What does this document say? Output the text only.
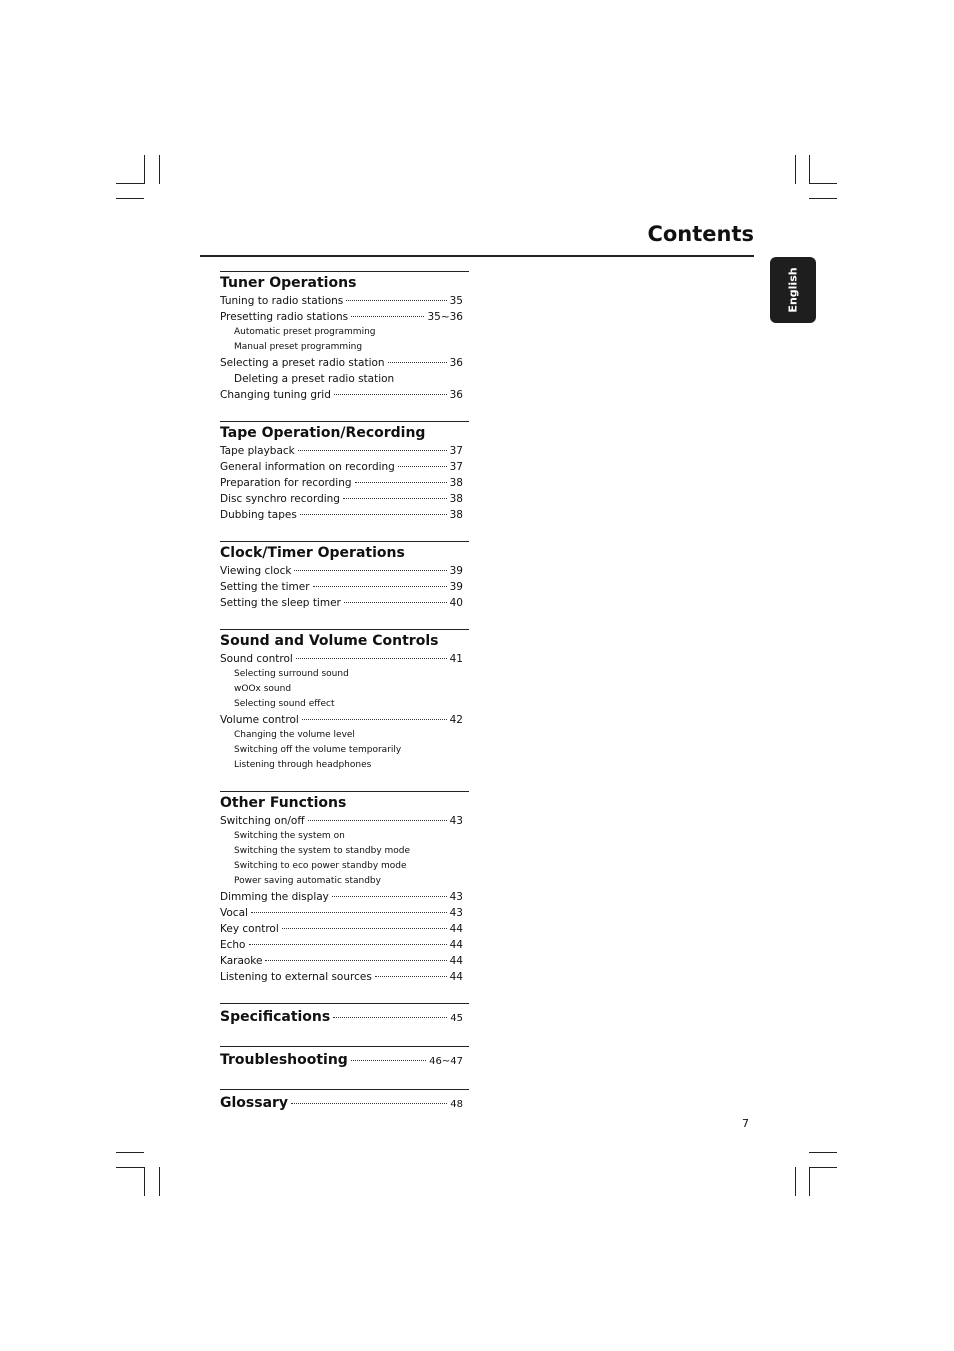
Contents
English
Tuner Operations
Tuning to radio stations	35
Presetting radio stations	35~36
Automatic preset programming
Manual preset programming
Selecting a preset radio station	36
Deleting a preset radio station
Changing tuning grid	36
Tape Operation/Recording
Tape playback	37
General information on recording	37
Preparation for recording	38
Disc synchro recording	38
Dubbing tapes	38
Clock/Timer Operations
Viewing clock	39
Setting the timer	39
Setting the sleep timer	40
Sound and Volume Controls
Sound control	41
Selecting surround sound
wOOx sound
Selecting sound effect
Volume control	42
Changing the volume level
Switching off the volume temporarily
Listening through headphones
Other Functions
Switching on/off	43
Switching the system on
Switching the system to standby mode
Switching to eco power standby mode
Power saving automatic standby
Dimming the display	43
Vocal	43
Key control	44
Echo	44
Karaoke	44
Listening to external sources	44
Specifications	45
Troubleshooting	46~47
Glossary	48
7
